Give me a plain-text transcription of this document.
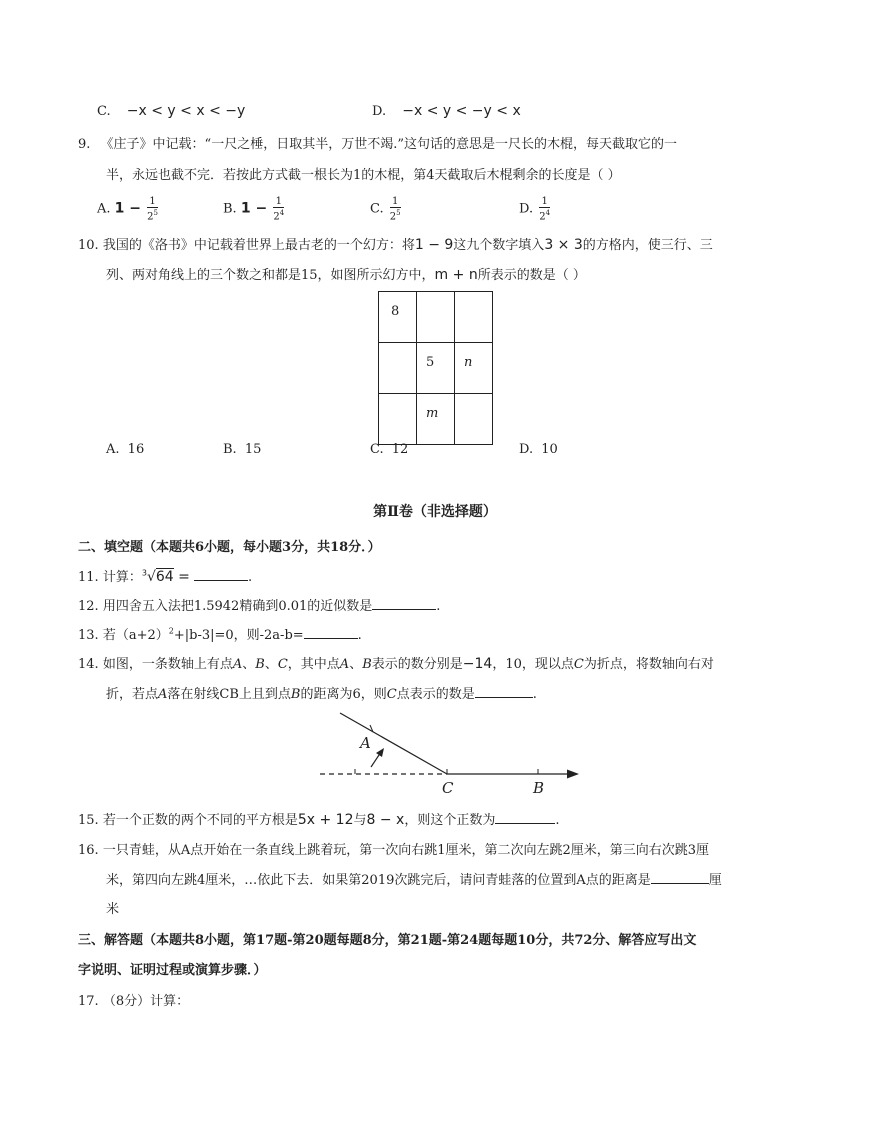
C. −x < y < x < −y	D. −x < y < −y < x
9. 《庄子》中记载：“一尺之棰，日取其半，万世不竭.”这句话的意思是一尺长的木棍，每天截取它的一
半，永远也截不完．若按此方式截一根长为1的木棍，第4天截取后木棍剩余的长度是（ ）
A. $1 - \frac{1}{2^5}$	B. $1 - \frac{1}{2^4}$	C. $\frac{1}{2^5}$	D. $\frac{1}{2^4}$
10. 我国的《洛书》中记载着世界上最古老的一个幻方：将1 − 9这九个数字填入3 × 3的方格内，使三行、三
列、两对角线上的三个数之和都是15，如图所示幻方中，m + n所表示的数是（ ）
8		

	5	n

	m	

A. 16	B. 15	C. 12	D. 10
第Ⅱ卷（非选择题）
二、填空题（本题共6小题，每小题3分，共18分．）
11. 计算：$^3$√64 =	.
12. 用四舍五入法把1.5942精确到0.01的近似数是	.
13. 若$(a+2)^2+|b-3|=0$，则-2a-b=	.
14. 如图，一条数轴上有点A、B、C，其中点A、B表示的数分别是−14，10，现以点C为折点，将数轴向右对
折，若点A落在射线CB上且到点B的距离为6，则C点表示的数是	.
A
C	B
15. 若一个正数的两个不同的平方根是5x + 12与8 − x，则这个正数为	.
16. 一只青蛙，从A点开始在一条直线上跳着玩，第一次向右跳1厘米，第二次向左跳2厘米，第三向右次跳3厘
米，第四向左跳4厘米，…依此下去．如果第2019次跳完后，请问青蛙落的位置到A点的距离是	厘
米
三、解答题（本题共8小题，第17题-第20题每题8分，第21题-第24题每题10分，共72分、解答应写出文
字说明、证明过程或演算步骤．）
17. （8分）计算：
